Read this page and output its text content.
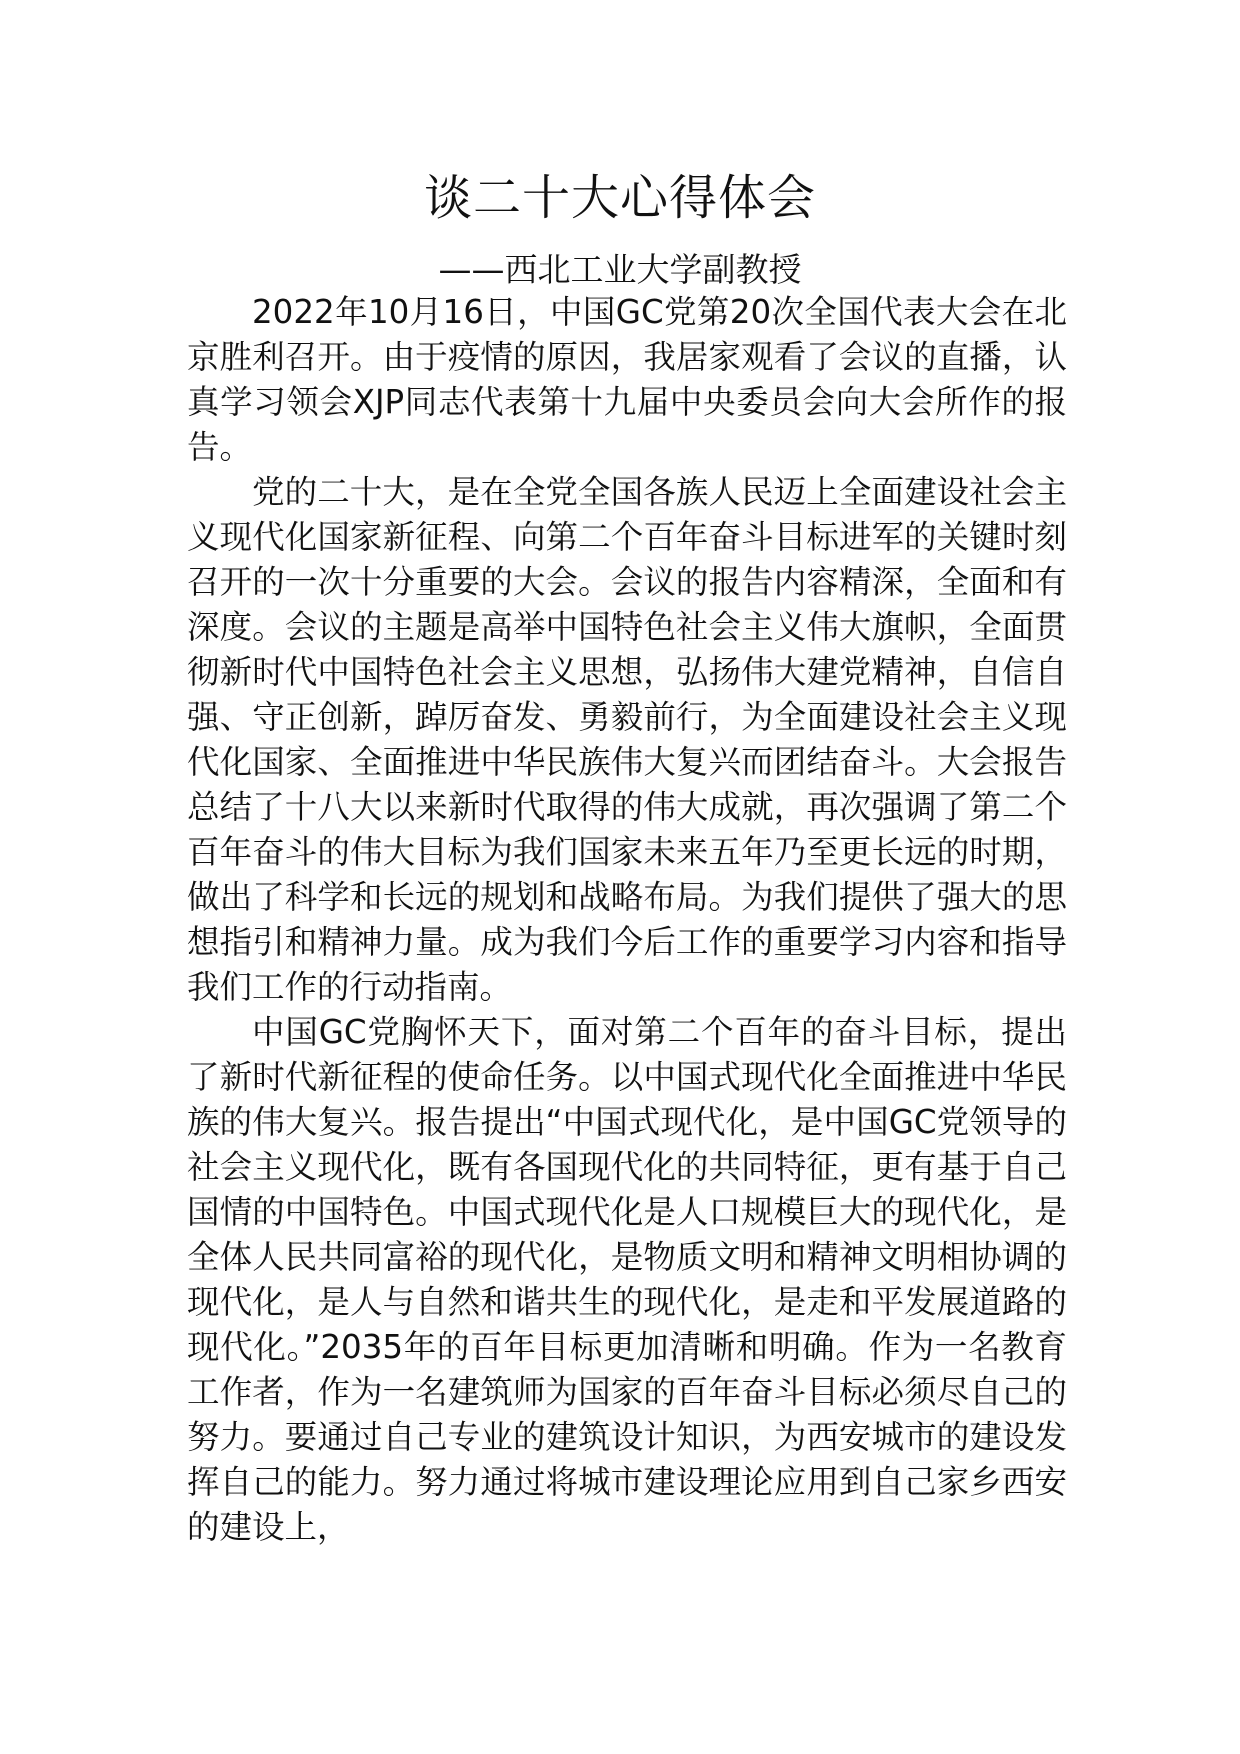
谈二十大心得体会
——西北工业大学副教授

2022年10月16日，中国GC党第20次全国代表大会在北京胜利召开。由于疫情的原因，我居家观看了会议的直播，认真学习领会XJP同志代表第十九届中央委员会向大会所作的报告。

党的二十大，是在全党全国各族人民迈上全面建设社会主义现代化国家新征程、向第二个百年奋斗目标进军的关键时刻召开的一次十分重要的大会。会议的报告内容精深，全面和有深度。会议的主题是高举中国特色社会主义伟大旗帜，全面贯彻新时代中国特色社会主义思想，弘扬伟大建党精神，自信自强、守正创新，踔厉奋发、勇毅前行，为全面建设社会主义现代化国家、全面推进中华民族伟大复兴而团结奋斗。大会报告总结了十八大以来新时代取得的伟大成就，再次强调了第二个百年奋斗的伟大目标为我们国家未来五年乃至更长远的时期，做出了科学和长远的规划和战略布局。为我们提供了强大的思想指引和精神力量。成为我们今后工作的重要学习内容和指导我们工作的行动指南。

中国GC党胸怀天下，面对第二个百年的奋斗目标，提出了新时代新征程的使命任务。以中国式现代化全面推进中华民族的伟大复兴。报告提出“中国式现代化，是中国GC党领导的社会主义现代化，既有各国现代化的共同特征，更有基于自己国情的中国特色。中国式现代化是人口规模巨大的现代化，是全体人民共同富裕的现代化，是物质文明和精神文明相协调的现代化，是人与自然和谐共生的现代化，是走和平发展道路的现代化。”2035年的百年目标更加清晰和明确。作为一名教育工作者，作为一名建筑师为国家的百年奋斗目标必须尽自己的努力。要通过自己专业的建筑设计知识，为西安城市的建设发挥自己的能力。努力通过将城市建设理论应用到自己家乡西安的建设上，
